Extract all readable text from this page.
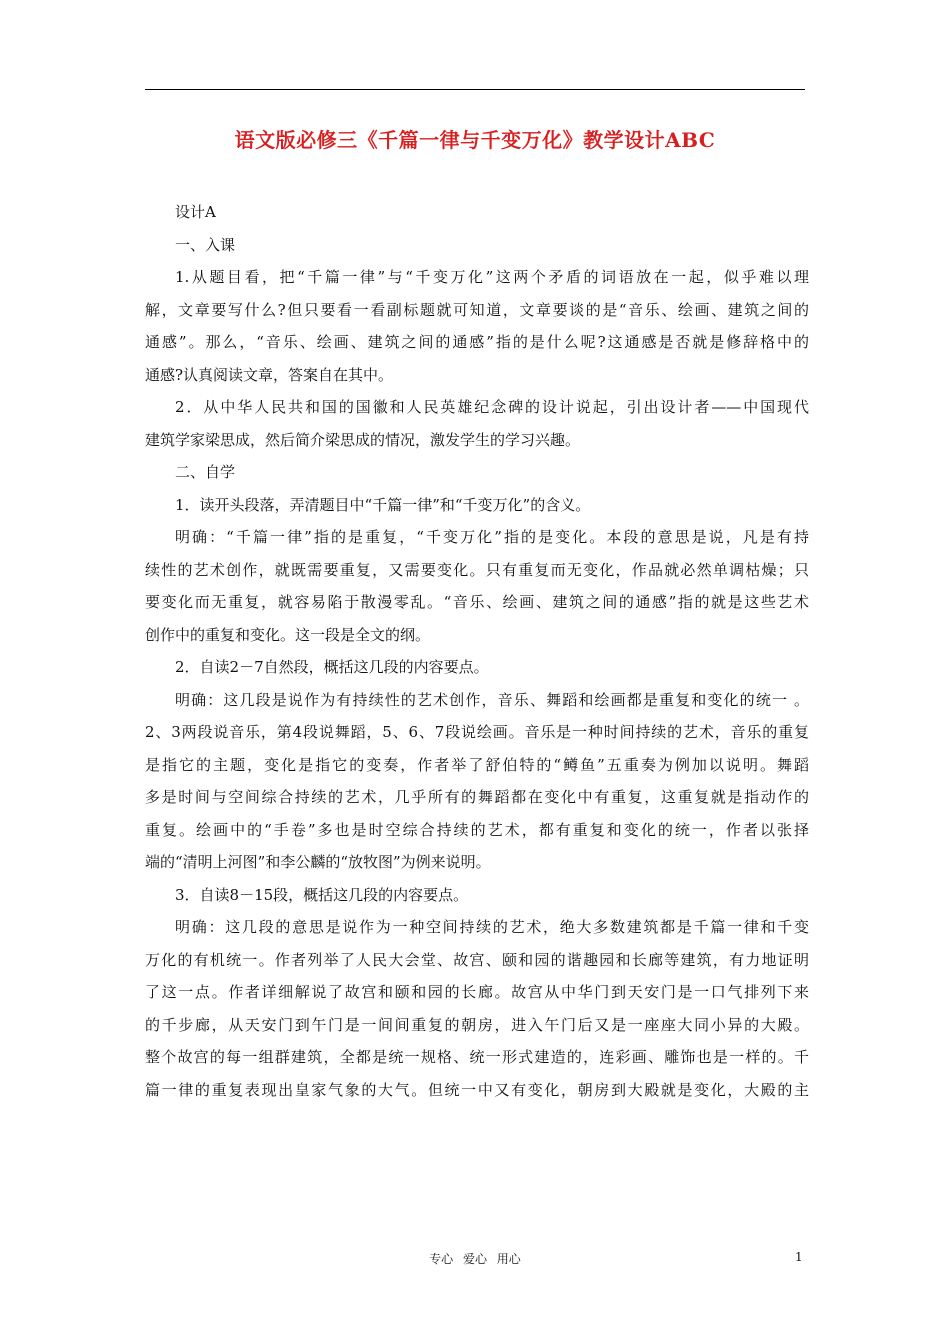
语文版必修三《千篇一律与千变万化》教学设计ABC
设计A
一、入课
1.从题目看，把“千篇一律”与“千变万化”这两个矛盾的词语放在一起，似乎难以理
解，文章要写什么?但只要看一看副标题就可知道，文章要谈的是“音乐、绘画、建筑之间的
通感”。那么，“音乐、绘画、建筑之间的通感”指的是什么呢?这通感是否就是修辞格中的
通感?认真阅读文章，答案自在其中。
2．从中华人民共和国的国徽和人民英雄纪念碑的设计说起，引出设计者——中国现代
建筑学家梁思成，然后简介梁思成的情况，激发学生的学习兴趣。
二、自学
1．读开头段落，弄清题目中“千篇一律”和“千变万化”的含义。
明确：“千篇一律”指的是重复，“千变万化”指的是变化。本段的意思是说，凡是有持
续性的艺术创作，就既需要重复，又需要变化。只有重复而无变化，作品就必然单调枯燥；只
要变化而无重复，就容易陷于散漫零乱。“音乐、绘画、建筑之间的通感”指的就是这些艺术
创作中的重复和变化。这一段是全文的纲。
2．自读2－7自然段，概括这几段的内容要点。
明确：这几段是说作为有持续性的艺术创作，音乐、舞蹈和绘画都是重复和变化的统一 。
2、3两段说音乐，第4段说舞蹈，5、6、7段说绘画。音乐是一种时间持续的艺术，音乐的重复
是指它的主题，变化是指它的变奏，作者举了舒伯特的“鳟鱼”五重奏为例加以说明。舞蹈
多是时间与空间综合持续的艺术，几乎所有的舞蹈都在变化中有重复，这重复就是指动作的
重复。绘画中的“手卷”多也是时空综合持续的艺术，都有重复和变化的统一，作者以张择
端的“清明上河图”和李公麟的“放牧图”为例来说明。
3．自读8－15段，概括这几段的内容要点。
明确：这几段的意思是说作为一种空间持续的艺术，绝大多数建筑都是千篇一律和千变
万化的有机统一。作者列举了人民大会堂、故宫、颐和园的谐趣园和长廊等建筑，有力地证明
了这一点。作者详细解说了故宫和颐和园的长廊。故宫从中华门到天安门是一口气排列下来
的千步廊，从天安门到午门是一间间重复的朝房，进入午门后又是一座座大同小异的大殿。
整个故宫的每一组群建筑，全都是统一规格、统一形式建造的，连彩画、雕饰也是一样的。千
篇一律的重复表现出皇家气象的大气。但统一中又有变化，朝房到大殿就是变化，大殿的主
专心 爱心 用心	1
